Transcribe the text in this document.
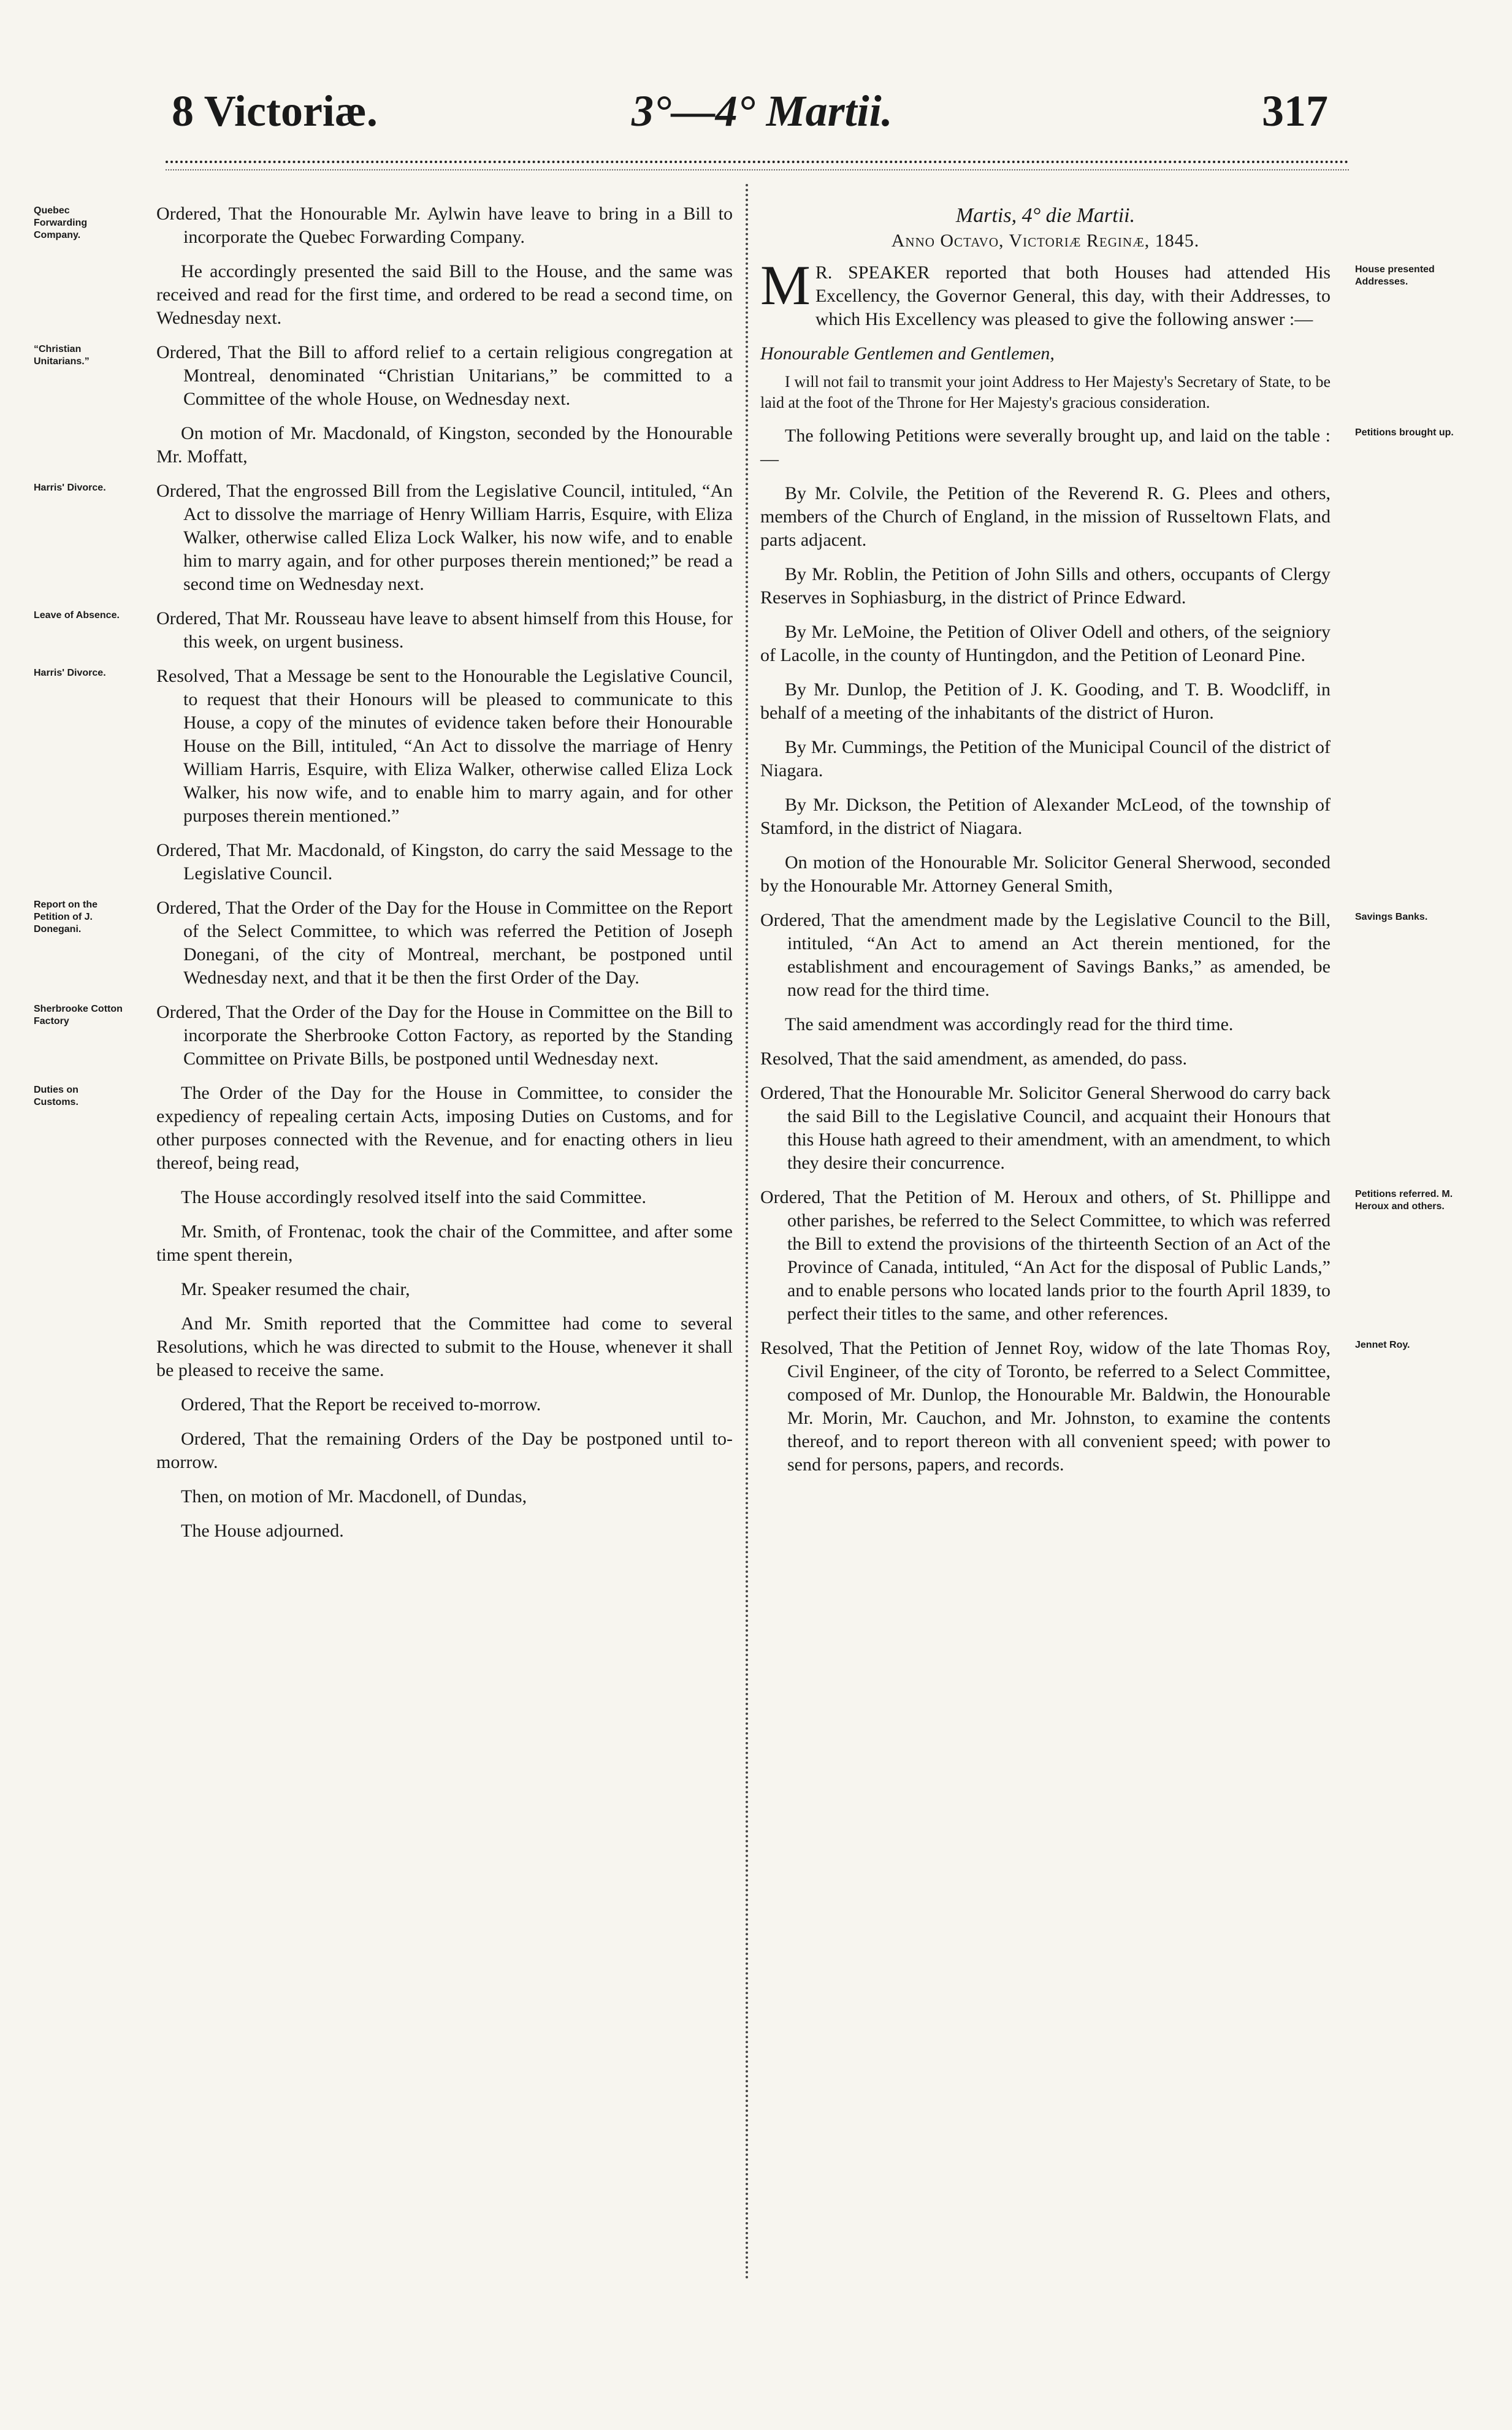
8 Victoriæ.	3°—4° Martii.	317
Quebec Forwarding Company.

Ordered, That the Honourable Mr. Aylwin have leave to bring in a Bill to incorporate the Quebec Forwarding Company.

He accordingly presented the said Bill to the House, and the same was received and read for the first time, and ordered to be read a second time, on Wednesday next.

“Christian Unitarians.”	Ordered, That the Bill to afford relief to a certain religious congregation at Montreal, denominated “Christian Unitarians,” be committed to a Committee of the whole House, on Wednesday next.

On motion of Mr. Macdonald, of Kingston, seconded by the Honourable Mr. Moffatt,

Harris' Divorce.	Ordered, That the engrossed Bill from the Legislative Council, intituled, “An Act to dissolve the marriage of Henry William Harris, Esquire, with Eliza Walker, otherwise called Eliza Lock Walker, his now wife, and to enable him to marry again, and for other purposes therein mentioned;” be read a second time on Wednesday next.

Leave of Absence.	Ordered, That Mr. Rousseau have leave to absent himself from this House, for this week, on urgent business.

Harris' Divorce.	Resolved, That a Message be sent to the Honourable the Legislative Council, to request that their Honours will be pleased to communicate to this House, a copy of the minutes of evidence taken before their Honourable House on the Bill, intituled, “An Act to dissolve the marriage of Henry William Harris, Esquire, with Eliza Walker, otherwise called Eliza Lock Walker, his now wife, and to enable him to marry again, and for other purposes therein mentioned.”

Ordered, That Mr. Macdonald, of Kingston, do carry the said Message to the Legislative Council.

Report on the Petition of J. Donegani.

Ordered, That the Order of the Day for the House in Committee on the Report of the Select Committee, to which was referred the Petition of Joseph Donegani, of the city of Montreal, merchant, be postponed until Wednesday next, and that it be then the first Order of the Day.

Sherbrooke Cotton Factory	Ordered, That the Order of the Day for the House in Committee on the Bill to incorporate the Sherbrooke Cotton Factory, as reported by the Standing Committee on Private Bills, be postponed until Wednesday next.

Duties on Customs.	The Order of the Day for the House in Committee, to consider the expediency of repealing certain Acts, imposing Duties on Customs, and for other purposes connected with the Revenue, and for enacting others in lieu thereof, being read,

The House accordingly resolved itself into the said Committee.

Mr. Smith, of Frontenac, took the chair of the Committee, and after some time spent therein,

Mr. Speaker resumed the chair,

And Mr. Smith reported that the Committee had come to several Resolutions, which he was directed to submit to the House, whenever it shall be pleased to receive the same.

Ordered, That the Report be received to-morrow.

Ordered, That the remaining Orders of the Day be postponed until to-morrow.

Then, on motion of Mr. Macdonell, of Dundas,

The House adjourned.

Martis, 4° die Martii.

Anno Octavo, Victoriæ Reginæ, 1845.

House presented Addresses.
M R. SPEAKER reported that both Houses had attended His Excellency, the Governor General, this day, with their Addresses, to which His Excellency was pleased to give the following answer :—

Honourable Gentlemen and Gentlemen,

I will not fail to transmit your joint Address to Her Majesty's Secretary of State, to be laid at the foot of the Throne for Her Majesty's gracious consideration.

Petitions brought up.

The following Petitions were severally brought up, and laid on the table :—

By Mr. Colvile, the Petition of the Reverend R. G. Plees and others, members of the Church of England, in the mission of Russeltown Flats, and parts adjacent.

By Mr. Roblin, the Petition of John Sills and others, occupants of Clergy Reserves in Sophiasburg, in the district of Prince Edward.

By Mr. LeMoine, the Petition of Oliver Odell and others, of the seigniory of Lacolle, in the county of Huntingdon, and the Petition of Leonard Pine.

By Mr. Dunlop, the Petition of J. K. Gooding, and T. B. Woodcliff, in behalf of a meeting of the inhabitants of the district of Huron.

By Mr. Cummings, the Petition of the Municipal Council of the district of Niagara.

By Mr. Dickson, the Petition of Alexander McLeod, of the township of Stamford, in the district of Niagara.

On motion of the Honourable Mr. Solicitor General Sherwood, seconded by the Honourable Mr. Attorney General Smith,

Savings Banks.

Ordered, That the amendment made by the Legislative Council to the Bill, intituled, “An Act to amend an Act therein mentioned, for the establishment and encouragement of Savings Banks,” as amended, be now read for the third time.

The said amendment was accordingly read for the third time.

Resolved, That the said amendment, as amended, do pass.

Ordered, That the Honourable Mr. Solicitor General Sherwood do carry back the said Bill to the Legislative Council, and acquaint their Honours that this House hath agreed to their amendment, with an amendment, to which they desire their concurrence.

Petitions referred. M. Heroux and others.

Ordered, That the Petition of M. Heroux and others, of St. Phillippe and other parishes, be referred to the Select Committee, to which was referred the Bill to extend the provisions of the thirteenth Section of an Act of the Province of Canada, intituled, “An Act for the disposal of Public Lands,” and to enable persons who located lands prior to the fourth April 1839, to perfect their titles to the same, and other references.

Jennet Roy.

Resolved, That the Petition of Jennet Roy, widow of the late Thomas Roy, Civil Engineer, of the city of Toronto, be referred to a Select Committee, composed of Mr. Dunlop, the Honourable Mr. Baldwin, the Honourable Mr. Morin, Mr. Cauchon, and Mr. Johnston, to examine the contents thereof, and to report thereon with all convenient speed; with power to send for persons, papers, and records.
